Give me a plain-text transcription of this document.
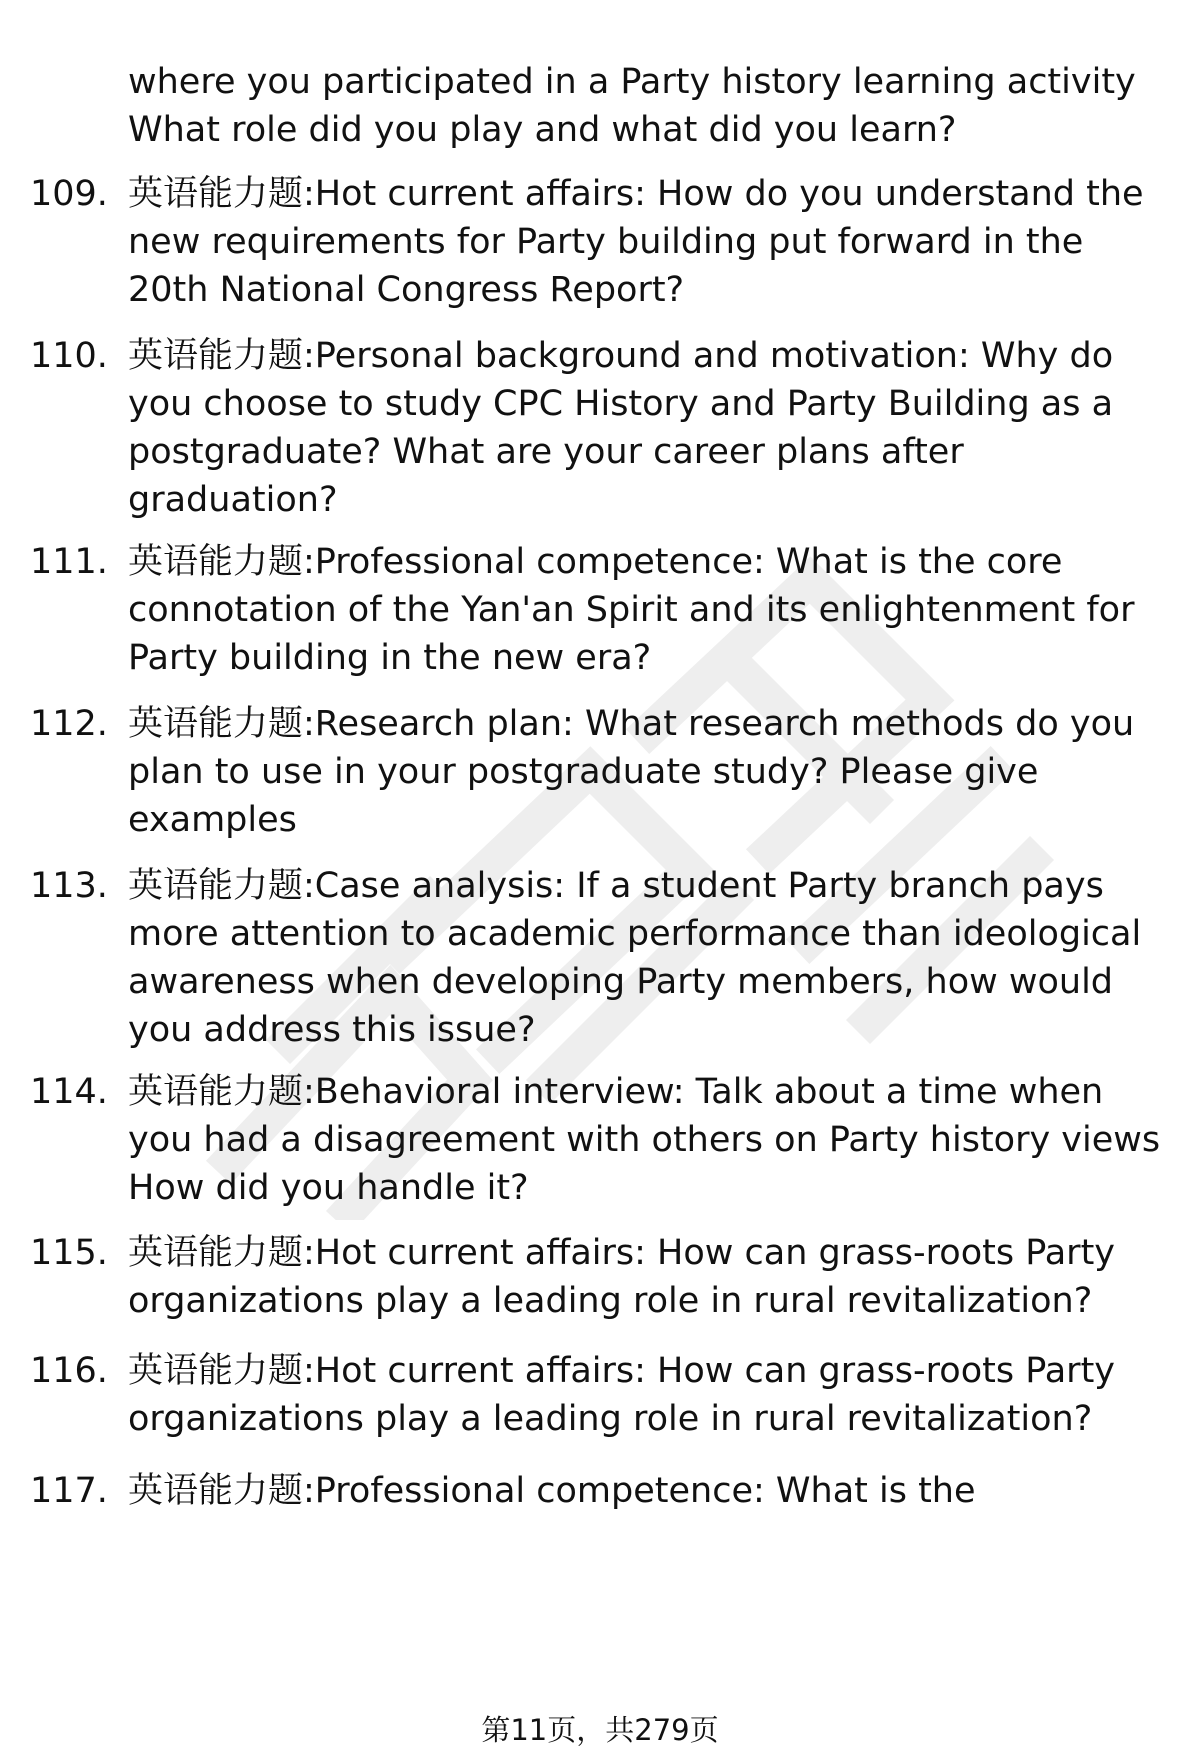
where you participated in a Party history learning activity What role did you play and what did you learn?

109. 英语能力题:Hot current affairs: How do you understand the new requirements for Party building put forward in the 20th National Congress Report?
110. 英语能力题:Personal background and motivation: Why do you choose to study CPC History and Party Building as a postgraduate? What are your career plans after graduation?
111. 英语能力题:Professional competence: What is the core connotation of the Yan'an Spirit and its enlightenment for Party building in the new era?
112. 英语能力题:Research plan: What research methods do you plan to use in your postgraduate study? Please give examples
113. 英语能力题:Case analysis: If a student Party branch pays more attention to academic performance than ideological awareness when developing Party members, how would you address this issue?
114. 英语能力题:Behavioral interview: Talk about a time when you had a disagreement with others on Party history views How did you handle it?
115. 英语能力题:Hot current affairs: How can grass-roots Party organizations play a leading role in rural revitalization?
116. 英语能力题:Hot current affairs: How can grass-roots Party organizations play a leading role in rural revitalization?
117. 英语能力题:Professional competence: What is the
第11页，共279页
